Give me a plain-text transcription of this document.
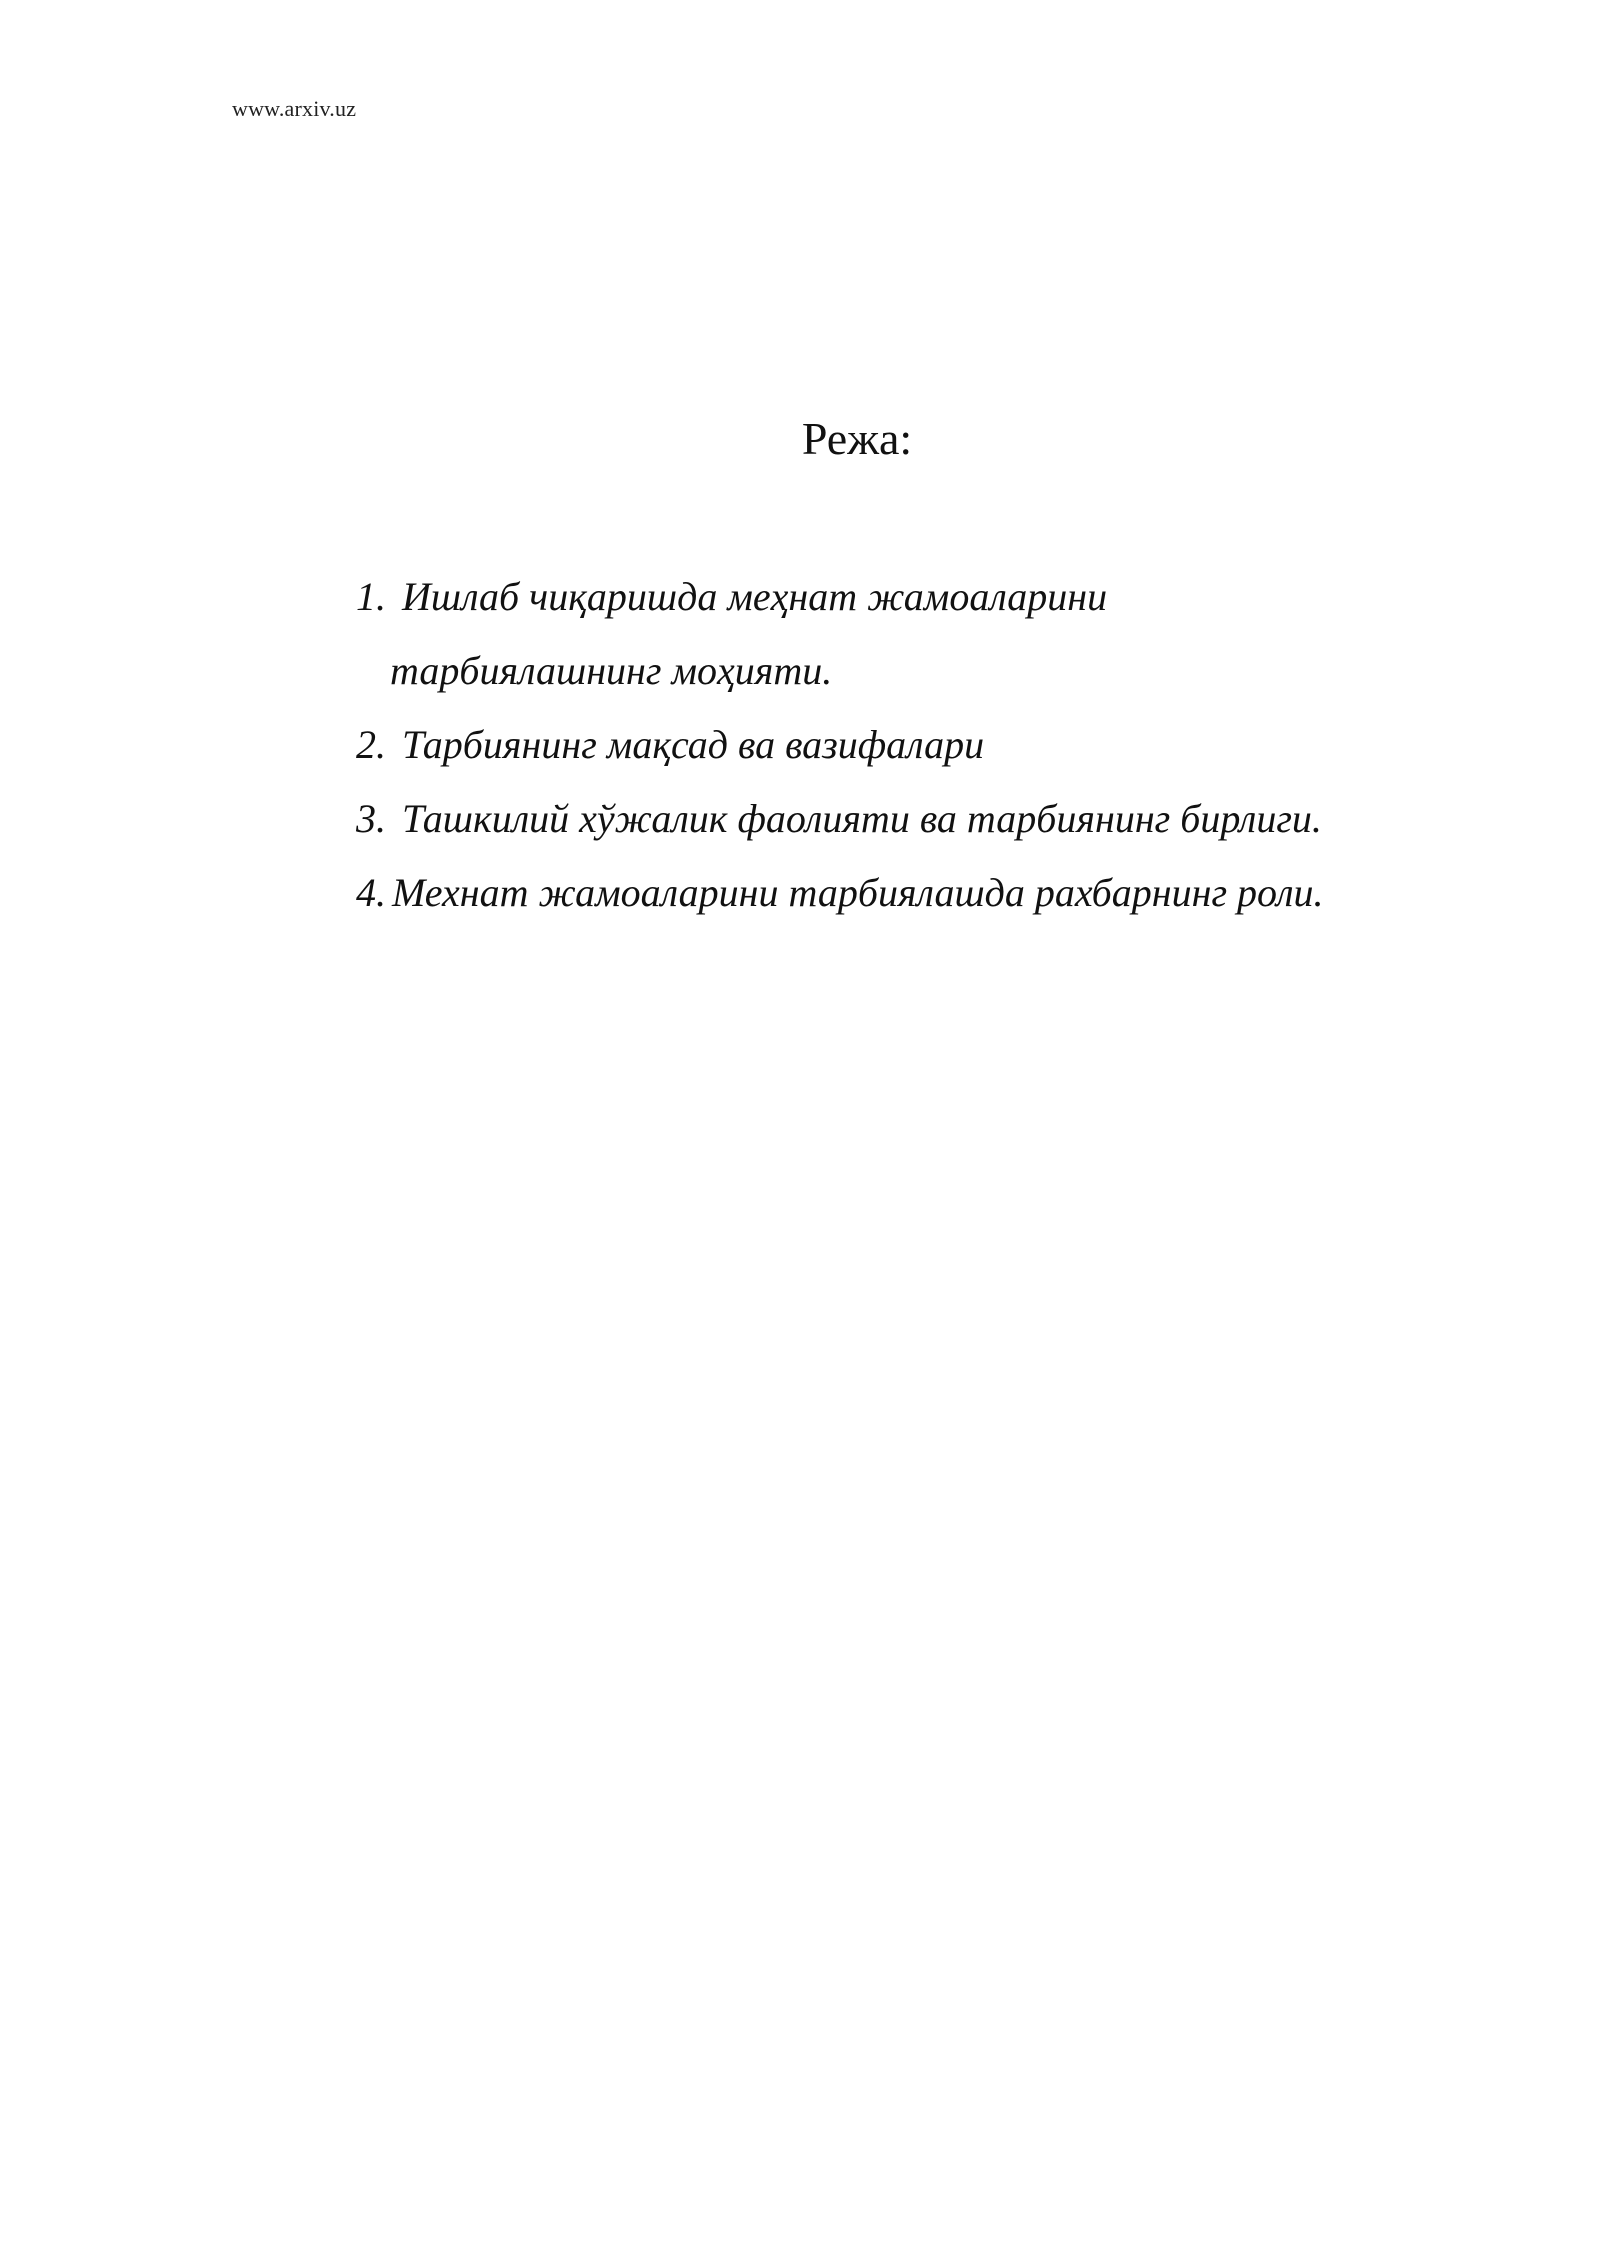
www.arxiv.uz
Режа:
1. Ишлаб чиқаришда меҳнат жамоаларини
тарбиялашнинг моҳияти.
2. Тарбиянинг мақсад ва вазифалари
3. Ташкилий хўжалик фаолияти ва тарбиянинг бирлиги.
4. Мехнат жамоаларини тарбиялашда рахбарнинг роли.
